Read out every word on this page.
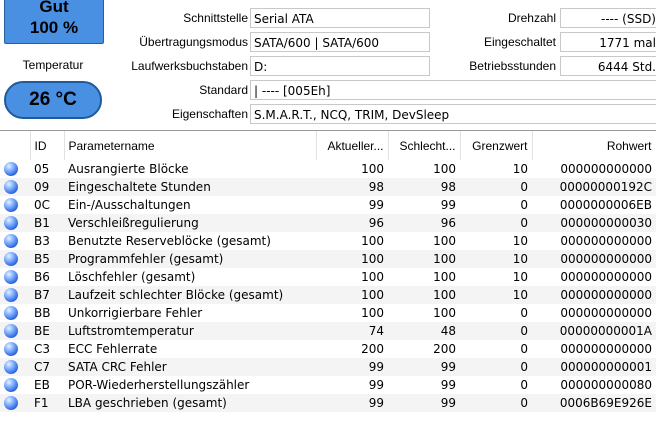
Gut
100 %
Temperatur
26 °C
Schnittstelle Serial ATA
Übertragungsmodus SATA/600 | SATA/600
Laufwerksbuchstaben D:
Standard | ---- [005Eh]
Eigenschaften S.M.A.R.T., NCQ, TRIM, DevSleep
Drehzahl	---- (SSD)
Eingeschaltet	1771 mal
Betriebsstunden	6444 Std.
	ID	Parametername	Aktueller...	Schlecht...	Grenzwert	Rohwert
	05	Ausrangierte Blöcke	100	100	10	000000000000
	09	Eingeschaltete Stunden	98	98	0	00000000192C
	0C	Ein-/Ausschaltungen	99	99	0	0000000006EB
	B1	Verschleißregulierung	96	96	0	000000000030
	B3	Benutzte Reserveblöcke (gesamt)	100	100	10	000000000000
	B5	Programmfehler (gesamt)	100	100	10	000000000000
	B6	Löschfehler (gesamt)	100	100	10	000000000000
	B7	Laufzeit schlechter Blöcke (gesamt)	100	100	10	000000000000
	BB	Unkorrigierbare Fehler	100	100	0	000000000000
	BE	Luftstromtemperatur	74	48	0	00000000001A
	C3	ECC Fehlerrate	200	200	0	000000000000
	C7	SATA CRC Fehler	99	99	0	000000000001
	EB	POR-Wiederherstellungszähler	99	99	0	000000000080
	F1	LBA geschrieben (gesamt)	99	99	0	0006B69E926E
